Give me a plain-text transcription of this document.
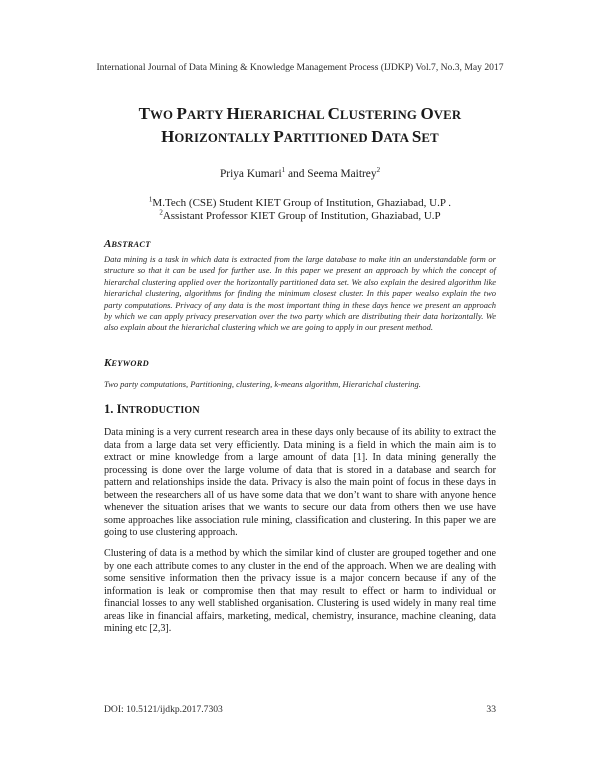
International Journal of Data Mining & Knowledge Management Process (IJDKP) Vol.7, No.3, May 2017
TWO PARTY HIERARICHAL CLUSTERING OVER
HORIZONTALLY PARTITIONED DATA SET
Priya Kumari$^1$ and Seema Maitrey$^2$
$^1$M.Tech (CSE) Student KIET Group of Institution, Ghaziabad, U.P .
$^2$Assistant Professor KIET Group of Institution, Ghaziabad, U.P
ABSTRACT
Data mining is a task in which data is extracted from the large database to make itin an understandable form or structure so that it can be used for further use. In this paper we present an approach by which the concept of hierarchal clustering applied over the horizontally partitioned data set. We also explain the desired algorithm like hierarichal clustering, algorithms for finding the minimum closest cluster. In this paper wealso explain the two party computations. Privacy of any data is the most important thing in these days hence we present an approach by which we can apply privacy preservation over the two party which are distributing their data horizontally. We also explain about the hierarichal clustering which we are going to apply in our present method.
KEYWORD
Two party computations, Partitioning, clustering, k-means algorithm, Hierarichal clustering.
1. INTRODUCTION
Data mining is a very current research area in these days only because of its ability to extract the data from a large data set very efficiently. Data mining is a field in which the main aim is to extract or mine knowledge from a large amount of data [1]. In data mining generally the processing is done over the large volume of data that is stored in a database and search for pattern and relationships inside the data. Privacy is also the main point of focus in these days in between the researchers all of us have some data that we don’t want to share with anyone hence whenever the situation arises that we wants to secure our data from others then we use have some approaches like association rule mining, classification and clustering. In this paper we are going to use clustering approach.
Clustering of data is a method by which the similar kind of cluster are grouped together and one by one each attribute comes to any cluster in the end of the approach. When we are dealing with some sensitive information then the privacy issue is a major concern because if any of the information is leak or compromise then that may result to effect or harm to individual or financial losses to any well stablished organisation. Clustering is used widely in many real time areas like in financial affairs, marketing, medical, chemistry, insurance, machine cleaning, data mining etc [2,3].
DOI: 10.5121/ijdkp.2017.7303	33
